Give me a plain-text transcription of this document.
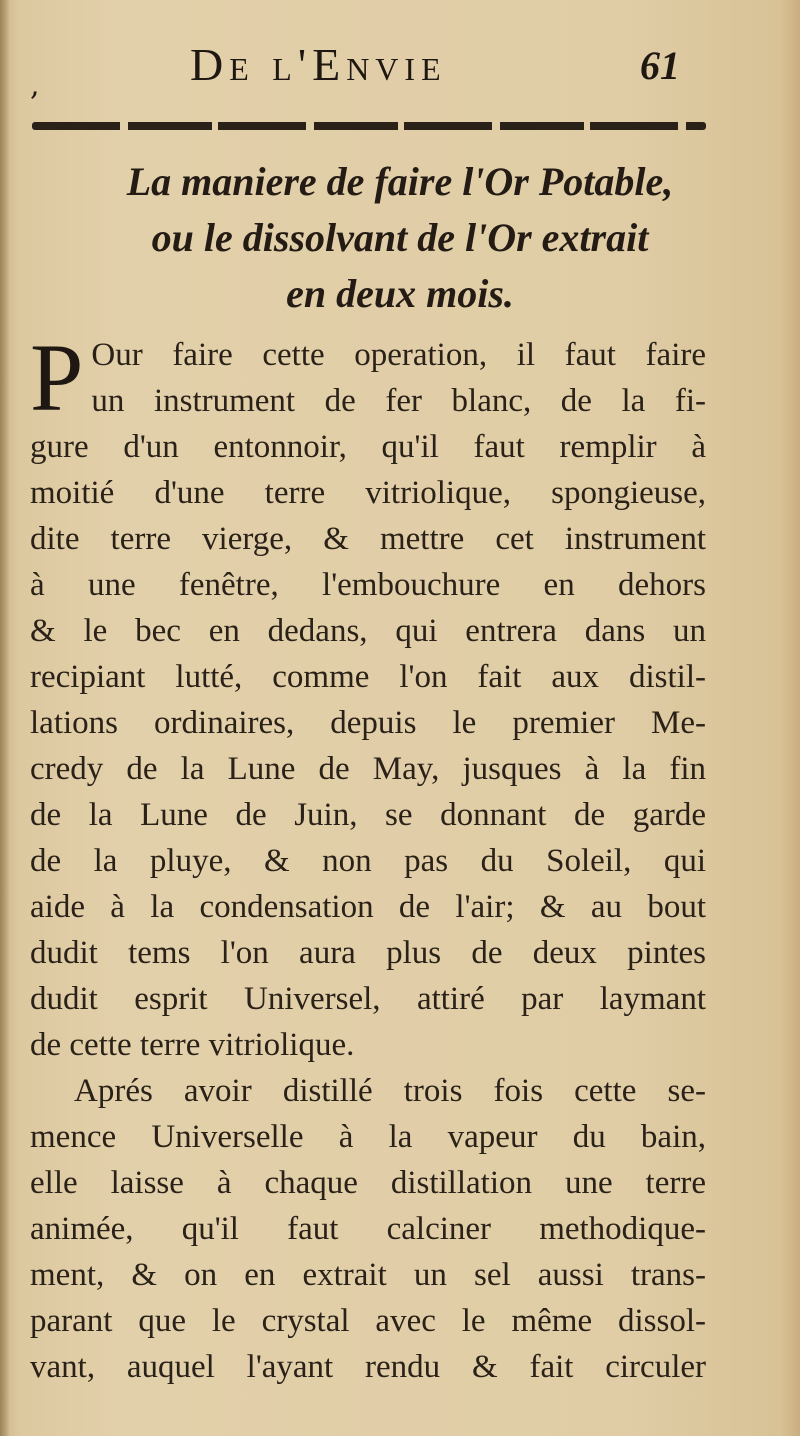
,	De l'Envie	61
La maniere de faire l'Or Potable,
ou le dissolvant de l'Or extrait
en deux mois.
P Our faire cette operation, il faut faire
un instrument de fer blanc, de la fi-
gure d'un entonnoir, qu'il faut remplir à
moitié d'une terre vitriolique, spongieuse,
dite terre vierge, & mettre cet instrument
à une fenêtre, l'embouchure en dehors
& le bec en dedans, qui entrera dans un
recipiant lutté, comme l'on fait aux distil-
lations ordinaires, depuis le premier Me-
credy de la Lune de May, jusques à la fin
de la Lune de Juin, se donnant de garde
de la pluye, & non pas du Soleil, qui
aide à la condensation de l'air; & au bout
dudit tems l'on aura plus de deux pintes
dudit esprit Universel, attiré par laymant
de cette terre vitriolique.
Aprés avoir distillé trois fois cette se-
mence Universelle à la vapeur du bain,
elle laisse à chaque distillation une terre
animée, qu'il faut calciner methodique-
ment, & on en extrait un sel aussi trans-
parant que le crystal avec le même dissol-
vant, auquel l'ayant rendu & fait circuler
